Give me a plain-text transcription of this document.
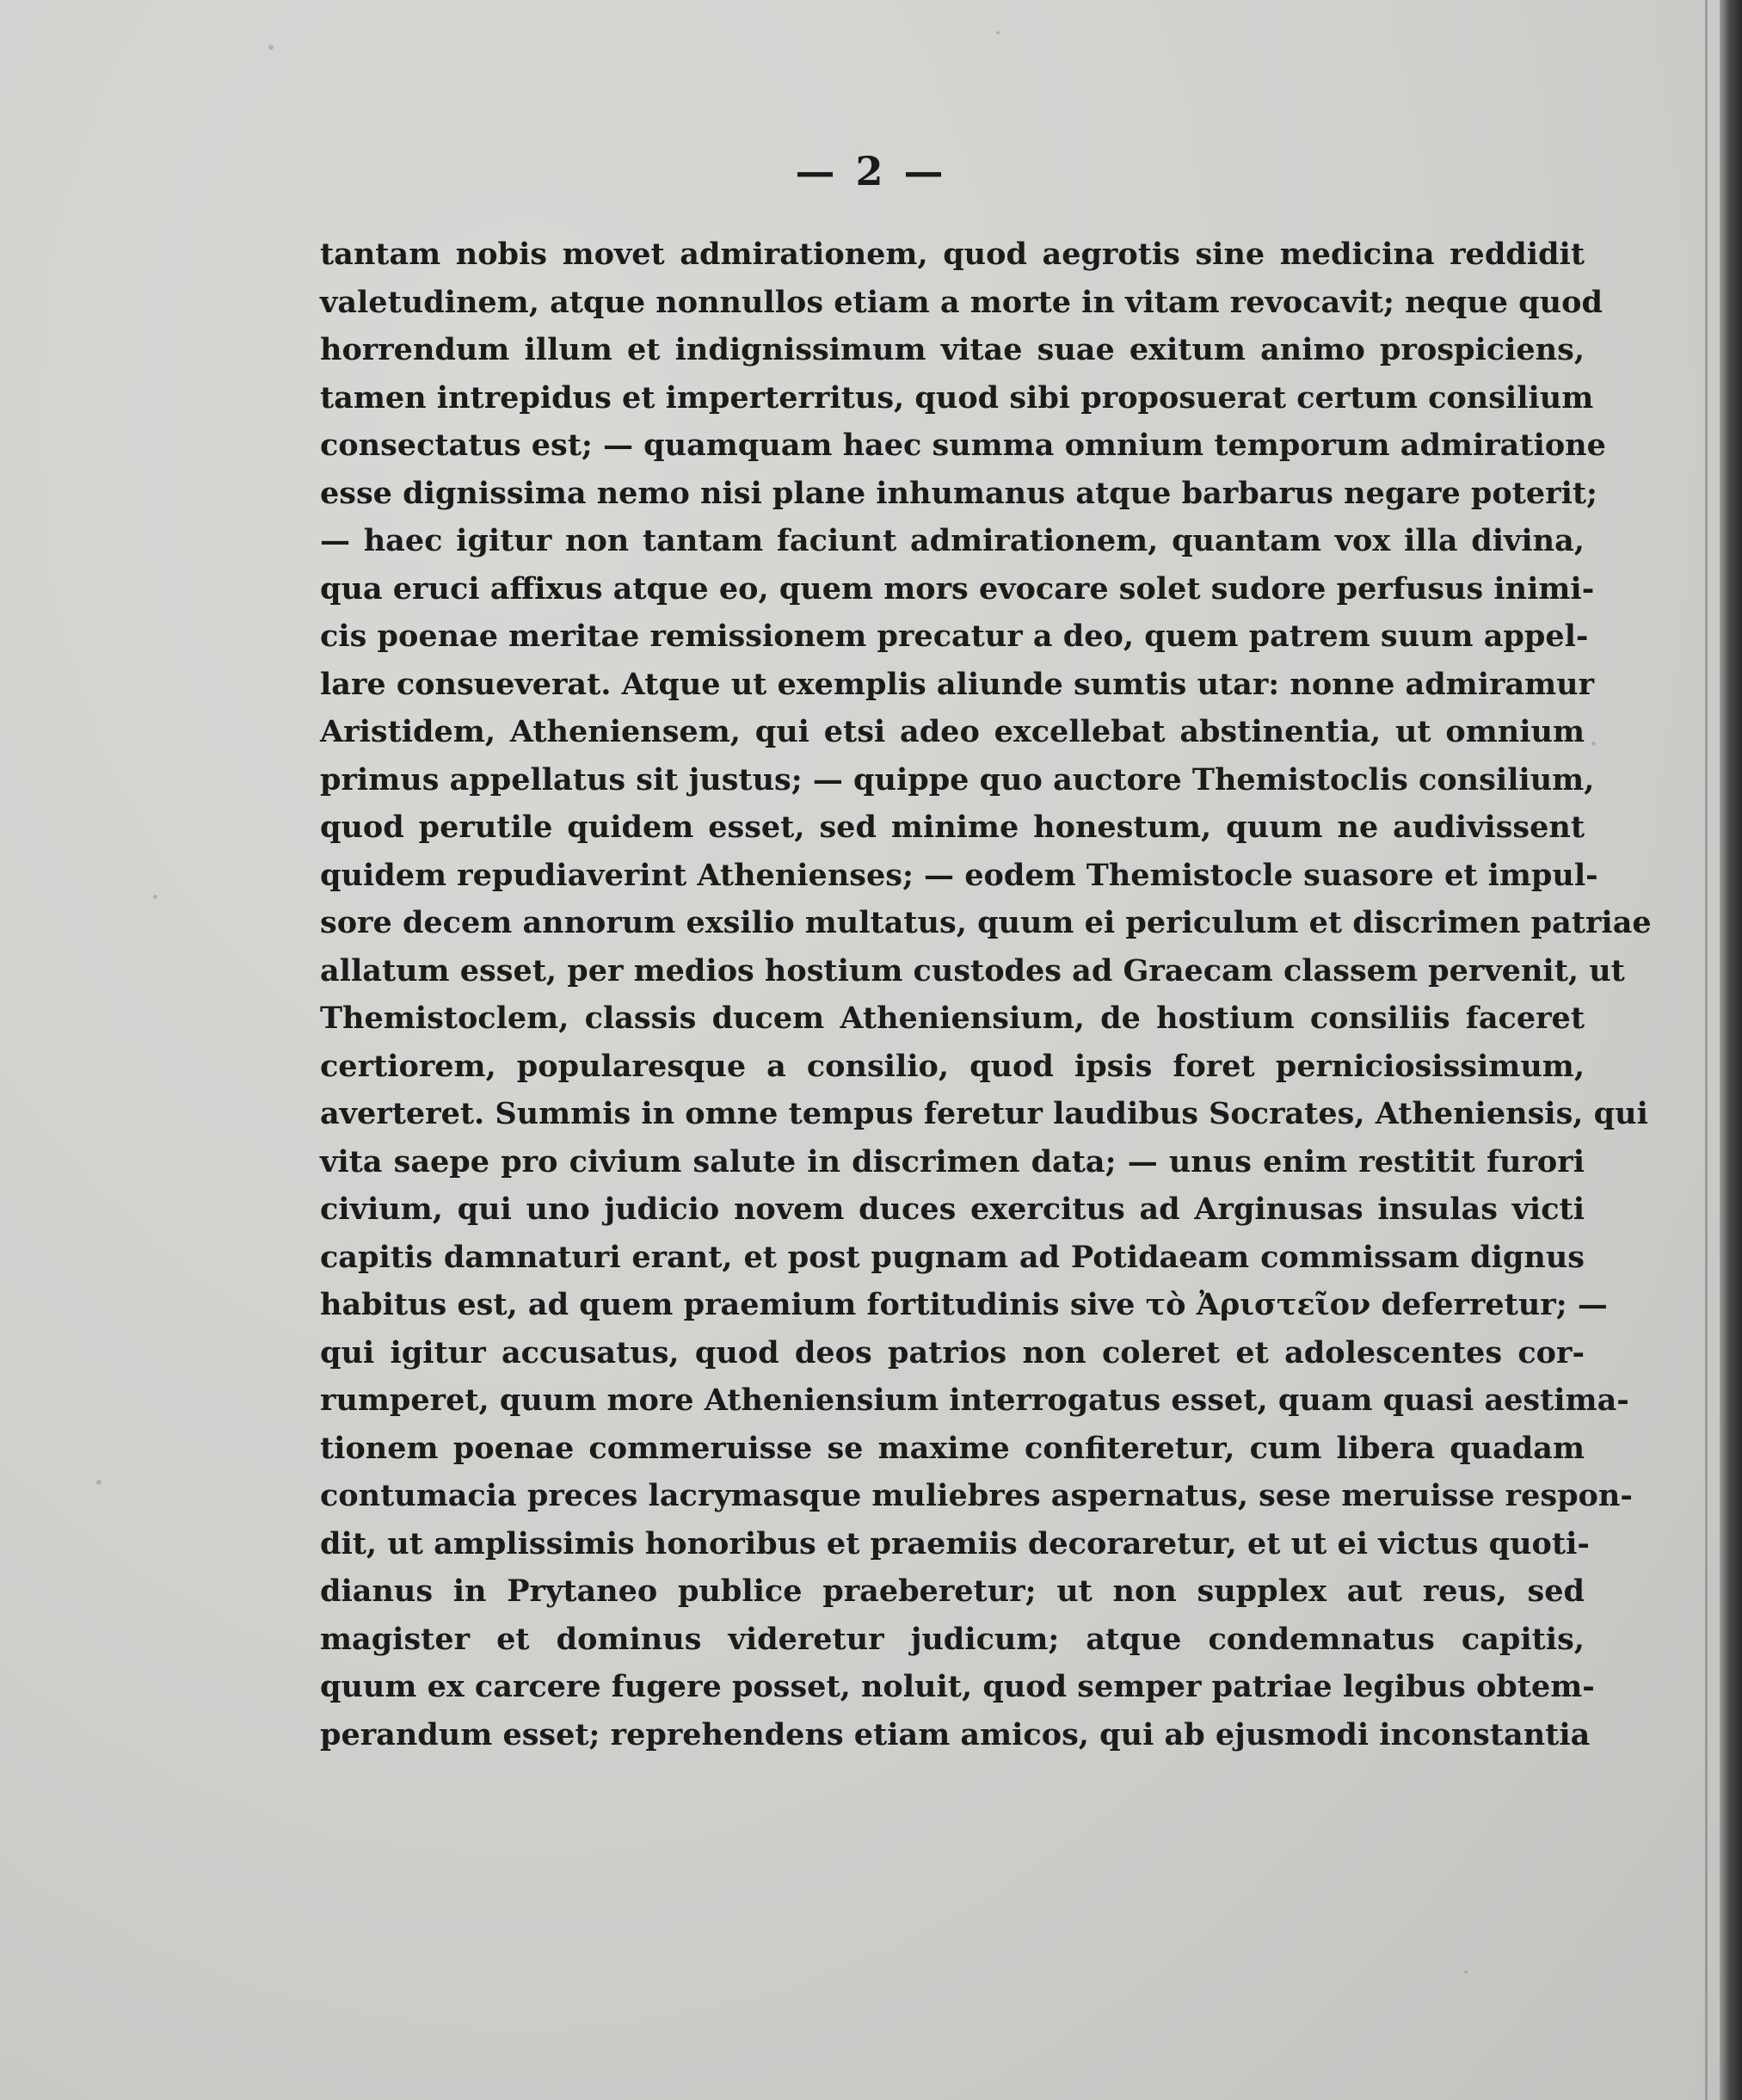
— 2 —
tantam nobis movet admirationem, quod aegrotis sine medicina reddidit
valetudinem, atque nonnullos etiam a morte in vitam revocavit; neque quod
horrendum illum et indignissimum vitae suae exitum animo prospiciens,
tamen intrepidus et imperterritus, quod sibi proposuerat certum consilium
consectatus est; — quamquam haec summa omnium temporum admiratione
esse dignissima nemo nisi plane inhumanus atque barbarus negare poterit;
— haec igitur non tantam faciunt admirationem, quantam vox illa divina,
qua eruci affixus atque eo, quem mors evocare solet sudore perfusus inimi-
cis poenae meritae remissionem precatur a deo, quem patrem suum appel-
lare consueverat. Atque ut exemplis aliunde sumtis utar: nonne admiramur
Aristidem, Atheniensem, qui etsi adeo excellebat abstinentia, ut omnium
primus appellatus sit justus; — quippe quo auctore Themistoclis consilium,
quod perutile quidem esset, sed minime honestum, quum ne audivissent
quidem repudiaverint Athenienses; — eodem Themistocle suasore et impul-
sore decem annorum exsilio multatus, quum ei periculum et discrimen patriae
allatum esset, per medios hostium custodes ad Graecam classem pervenit, ut
Themistoclem, classis ducem Atheniensium, de hostium consiliis faceret
certiorem, popularesque a consilio, quod ipsis foret perniciosissimum,
averteret. Summis in omne tempus feretur laudibus Socrates, Atheniensis, qui
vita saepe pro civium salute in discrimen data; — unus enim restitit furori
civium, qui uno judicio novem duces exercitus ad Arginusas insulas victi
capitis damnaturi erant, et post pugnam ad Potidaeam commissam dignus
habitus est, ad quem praemium fortitudinis sive τὸ Ἀριστεῖον deferretur; —
qui igitur accusatus, quod deos patrios non coleret et adolescentes cor-
rumperet, quum more Atheniensium interrogatus esset, quam quasi aestima-
tionem poenae commeruisse se maxime confiteretur, cum libera quadam
contumacia preces lacrymasque muliebres aspernatus, sese meruisse respon-
dit, ut amplissimis honoribus et praemiis decoraretur, et ut ei victus quoti-
dianus in Prytaneo publice praeberetur; ut non supplex aut reus, sed
magister et dominus videretur judicum; atque condemnatus capitis,
quum ex carcere fugere posset, noluit, quod semper patriae legibus obtem-
perandum esset; reprehendens etiam amicos, qui ab ejusmodi inconstantia
